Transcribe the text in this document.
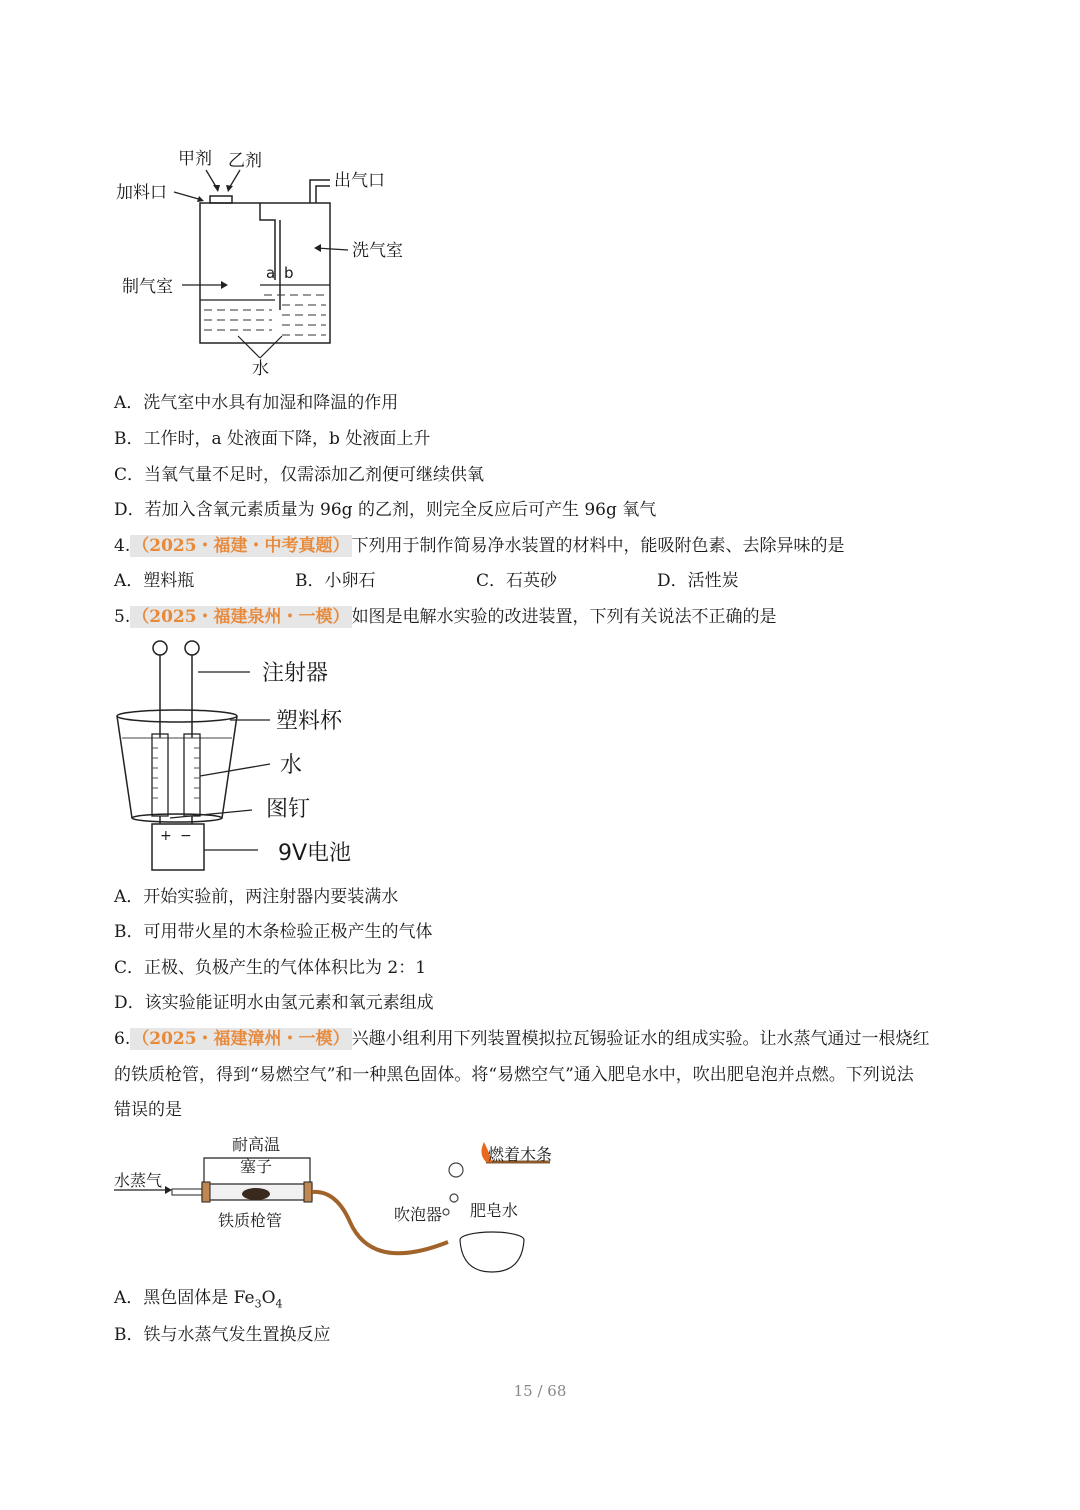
甲剂 乙剂
加料口
出气口
洗气室
制气室
a b
水
A．洗气室中水具有加湿和降温的作用
B．工作时，a 处液面下降，b 处液面上升
C．当氧气量不足时，仅需添加乙剂便可继续供氧
D．若加入含氧元素质量为 96g 的乙剂，则完全反应后可产生 96g 氧气
4. （2025・福建・中考真题） 下列用于制作简易净水装置的材料中，能吸附色素、去除异味的是
A．塑料瓶	B．小卵石	C．石英砂	D．活性炭
5. （2025・福建泉州・一模） 如图是电解水实验的改进装置，下列有关说法不正确的是
+ −
注射器
塑料杯
水
图钉
9V电池
A．开始实验前，两注射器内要装满水
B．可用带火星的木条检验正极产生的气体
C．正极、负极产生的气体体积比为 2：1
D．该实验能证明水由氢元素和氧元素组成
6. （2025・福建漳州・一模） 兴趣小组利用下列装置模拟拉瓦锡验证水的组成实验。让水蒸气通过一根烧红
的铁质枪管，得到“易燃空气”和一种黑色固体。将“易燃空气”通入肥皂水中，吹出肥皂泡并点燃。下列说法
错误的是
耐高温
塞子
水蒸气
铁质枪管	吹泡器
燃着木条
肥皂水
A．黑色固体是 $Fe_3O_4$
B．铁与水蒸气发生置换反应
15 / 68
